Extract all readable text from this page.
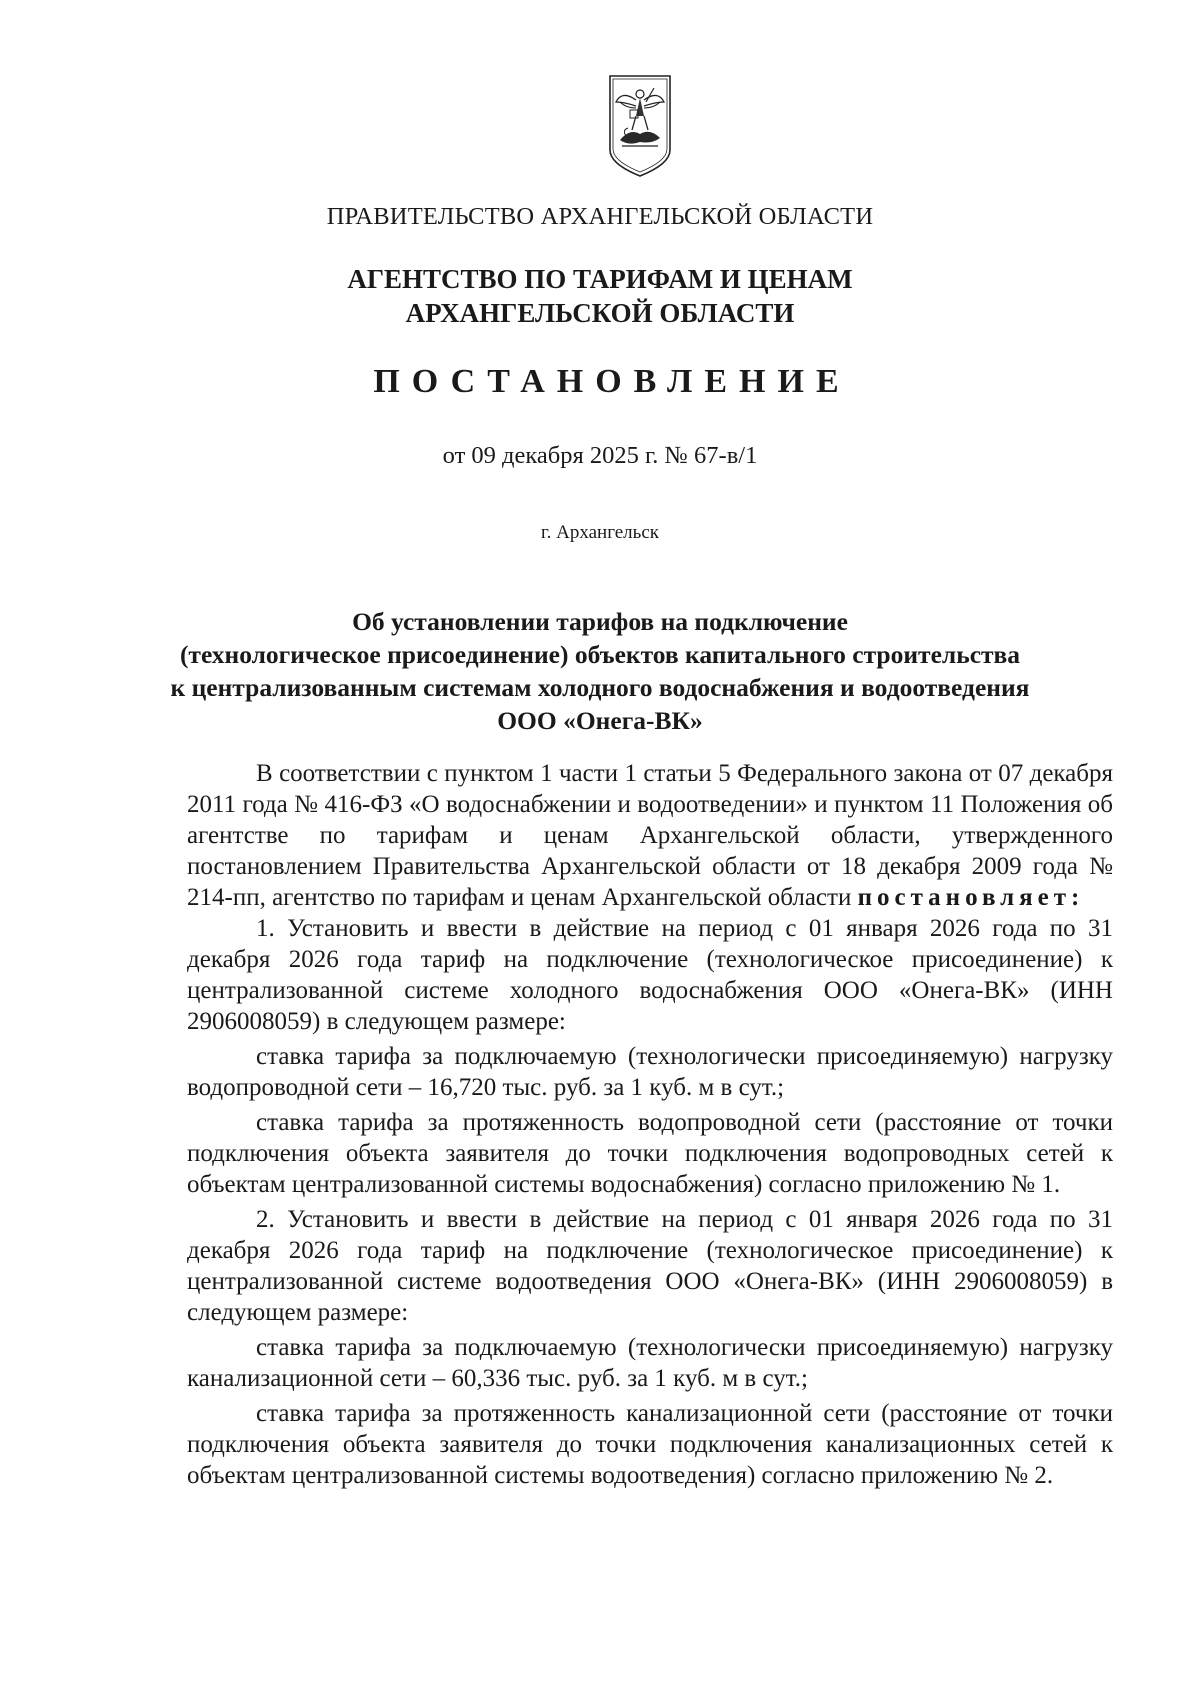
ПРАВИТЕЛЬСТВО АРХАНГЕЛЬСКОЙ ОБЛАСТИ
АГЕНТСТВО ПО ТАРИФАМ И ЦЕНАМ
АРХАНГЕЛЬСКОЙ ОБЛАСТИ
ПОСТАНОВЛЕНИЕ
от 09 декабря 2025 г. № 67-в/1
г. Архангельск
Об установлении тарифов на подключение
(технологическое присоединение) объектов капитального строительства
к централизованным системам холодного водоснабжения и водоотведения
ООО «Онега-ВК»

В соответствии с пунктом 1 части 1 статьи 5 Федерального закона от 07 декабря 2011 года № 416-ФЗ «О водоснабжении и водоотведении» и пунктом 11 Положения об агентстве по тарифам и ценам Архангельской области, утвержденного постановлением Правительства Архангельской области от 18 декабря 2009 года № 214-пп, агентство по тарифам и ценам Архангельской области постановляет:

1. Установить и ввести в действие на период с 01 января 2026 года по 31 декабря 2026 года тариф на подключение (технологическое присоединение) к централизованной системе холодного водоснабжения ООО «Онега-ВК» (ИНН 2906008059) в следующем размере:

ставка тарифа за подключаемую (технологически присоединяемую) нагрузку водопроводной сети – 16,720 тыс. руб. за 1 куб. м в сут.;

ставка тарифа за протяженность водопроводной сети (расстояние от точки подключения объекта заявителя до точки подключения водопроводных сетей к объектам централизованной системы водоснабжения) согласно приложению № 1.

2. Установить и ввести в действие на период с 01 января 2026 года по 31 декабря 2026 года тариф на подключение (технологическое присоединение) к централизованной системе водоотведения ООО «Онега-ВК» (ИНН 2906008059) в следующем размере:

ставка тарифа за подключаемую (технологически присоединяемую) нагрузку канализационной сети – 60,336 тыс. руб. за 1 куб. м в сут.;

ставка тарифа за протяженность канализационной сети (расстояние от точки подключения объекта заявителя до точки подключения канализационных сетей к объектам централизованной системы водоотведения) согласно приложению № 2.
